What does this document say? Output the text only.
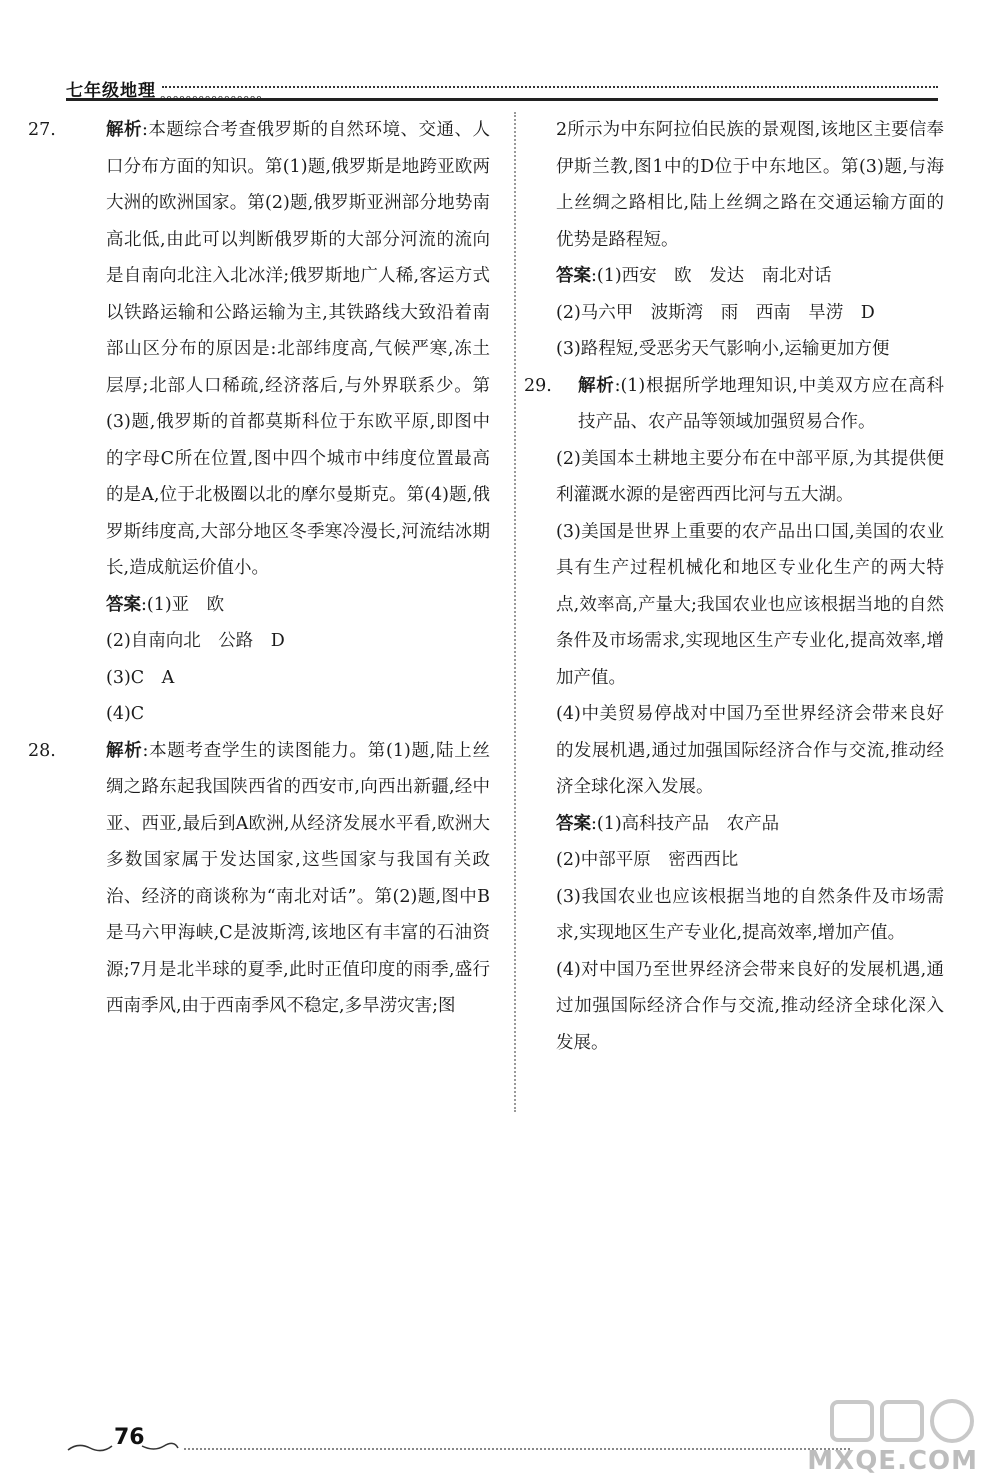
七年级地理 oooooooooooooooo
27.	解析:本题综合考查俄罗斯的自然环境、交通、人口分布方面的知识。第(1)题,俄罗斯是地跨亚欧两大洲的欧洲国家。第(2)题,俄罗斯亚洲部分地势南高北低,由此可以判断俄罗斯的大部分河流的流向是自南向北注入北冰洋;俄罗斯地广人稀,客运方式以铁路运输和公路运输为主,其铁路线大致沿着南部山区分布的原因是:北部纬度高,气候严寒,冻土层厚;北部人口稀疏,经济落后,与外界联系少。第(3)题,俄罗斯的首都莫斯科位于东欧平原,即图中的字母C所在位置,图中四个城市中纬度位置最高的是A,位于北极圈以北的摩尔曼斯克。第(4)题,俄罗斯纬度高,大部分地区冬季寒冷漫长,河流结冰期长,造成航运价值小。

答案:(1)亚　欧

(2)自南向北　公路　D

(3)C　A

(4)C

28.	解析:本题考查学生的读图能力。第(1)题,陆上丝绸之路东起我国陕西省的西安市,向西出新疆,经中亚、西亚,最后到A欧洲,从经济发展水平看,欧洲大多数国家属于发达国家,这些国家与我国有关政治、经济的商谈称为“南北对话”。第(2)题,图中B是马六甲海峡,C是波斯湾,该地区有丰富的石油资源;7月是北半球的夏季,此时正值印度的雨季,盛行西南季风,由于西南季风不稳定,多旱涝灾害;图

2所示为中东阿拉伯民族的景观图,该地区主要信奉伊斯兰教,图1中的D位于中东地区。第(3)题,与海上丝绸之路相比,陆上丝绸之路在交通运输方面的优势是路程短。

答案:(1)西安　欧　发达　南北对话

(2)马六甲　波斯湾　雨　西南　旱涝　D

(3)路程短,受恶劣天气影响小,运输更加方便

29. 解析:(1)根据所学地理知识,中美双方应在高科技产品、农产品等领域加强贸易合作。

(2)美国本土耕地主要分布在中部平原,为其提供便利灌溉水源的是密西西比河与五大湖。

(3)美国是世界上重要的农产品出口国,美国的农业具有生产过程机械化和地区专业化生产的两大特点,效率高,产量大;我国农业也应该根据当地的自然条件及市场需求,实现地区生产专业化,提高效率,增加产值。

(4)中美贸易停战对中国乃至世界经济会带来良好的发展机遇,通过加强国际经济合作与交流,推动经济全球化深入发展。

答案:(1)高科技产品　农产品

(2)中部平原　密西西比

(3)我国农业也应该根据当地的自然条件及市场需求,实现地区生产专业化,提高效率,增加产值。

(4)对中国乃至世界经济会带来良好的发展机遇,通过加强国际经济合作与交流,推动经济全球化深入发展。

76
MXQE.COM
